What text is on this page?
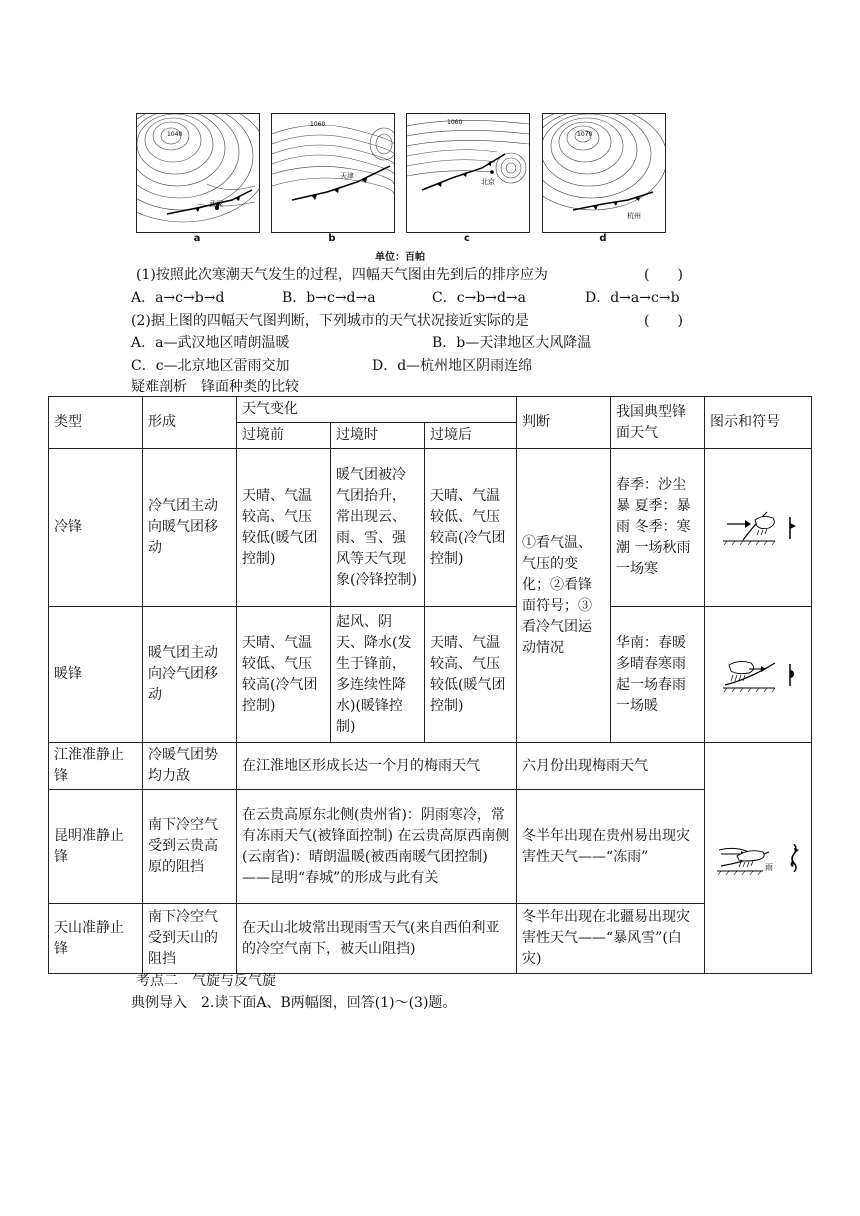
1040
武汉
a
1060
天津
b
1060
北京
c
1070
杭州
d
单位：百帕
(1)按照此次寒潮天气发生的过程，四幅天气图由先到后的排序应为	(　　)
A．a→c→b→d	B．b→c→d→a	C．c→b→d→a	D．d→a→c→b
(2)据上图的四幅天气图判断，下列城市的天气状况接近实际的是	(　　)
A．a—武汉地区晴朗温暖	B．b—天津地区大风降温
C．c—北京地区雷雨交加	D．d—杭州地区阴雨连绵
疑难剖析　锋面种类的比较
类型	形成	天气变化			判断	我国典型锋面天气	图示和符号
		过境前	过境时	过境后			
冷锋	冷气团主动向暖气团移动	天晴、气温较高、气压较低(暖气团控制)	暖气团被冷气团抬升，常出现云、雨、雪、强风等天气现象(冷锋控制)	天晴、气温较低、气压较高(冷气团控制)	①看气温、气压的变化；②看锋面符号；③看冷气团运动情况	春季：沙尘暴 夏季：暴雨 冬季：寒潮 一场秋雨一场寒	

暖锋	暖气团主动向冷气团移动	天晴、气温较低、气压较高(冷气团控制)	起风、阴天、降水(发生于锋前，多连续性降水)(暖锋控制)	天晴、气温较高、气压较低(暖气团控制)		华南：春暖多晴春寒雨起一场春雨一场暖	

江淮准静止锋	冷暖气团势均力敌	在江淮地区形成长达一个月的梅雨天气			六月份出现梅雨天气		雨

昆明准静止锋	南下冷空气受到云贵高原的阻挡	在云贵高原东北侧(贵州省)：阴雨寒冷，常有冻雨天气(被锋面控制) 在云贵高原西南侧(云南省)：晴朗温暖(被西南暖气团控制)——昆明“春城”的形成与此有关			冬半年出现在贵州易出现灾害性天气——“冻雨”		
天山准静止锋	南下冷空气受到天山的阻挡	在天山北坡常出现雨雪天气(来自西伯利亚的冷空气南下，被天山阻挡)			冬半年出现在北疆易出现灾害性天气——“暴风雪”(白灾)		
考点二　气旋与反气旋
典例导入　2.读下面A、B两幅图，回答(1)～(3)题。
